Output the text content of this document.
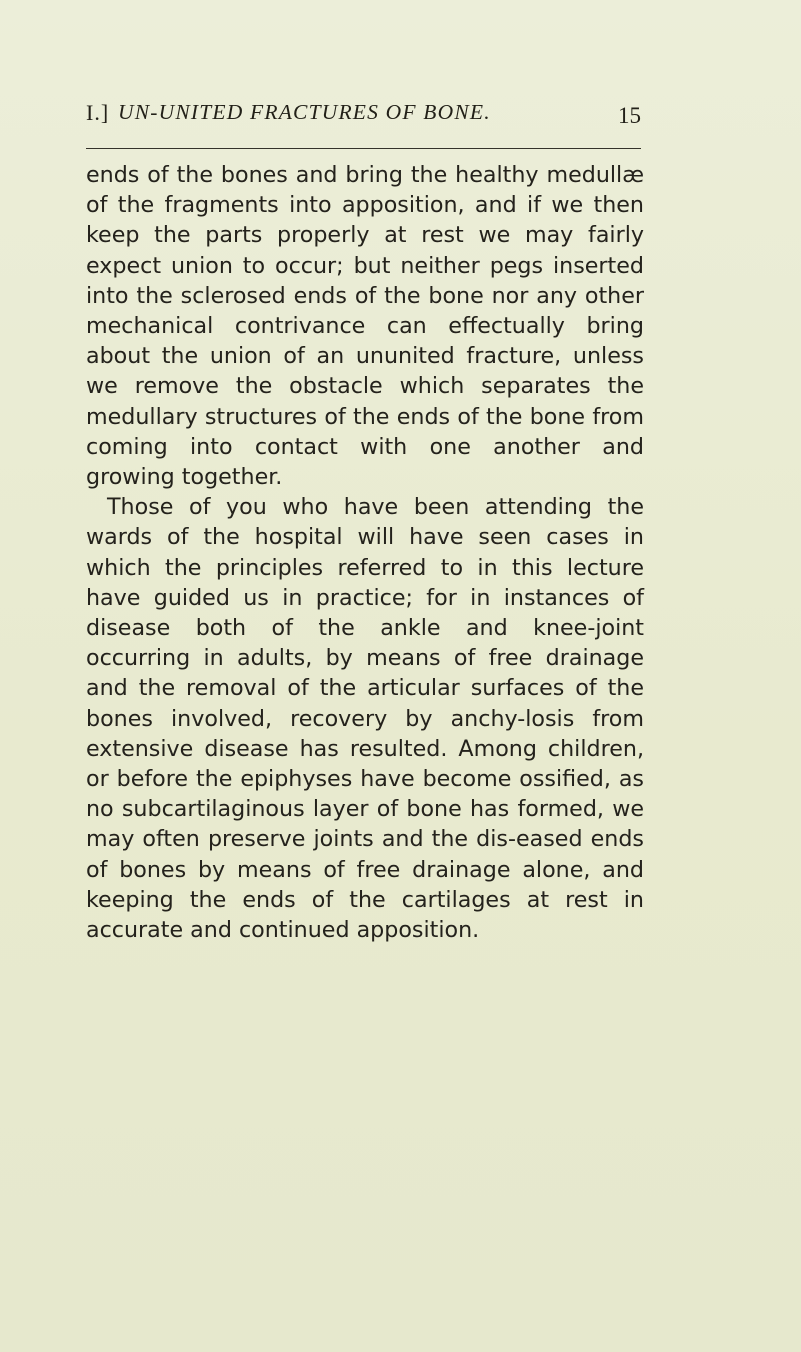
I.] UN-UNITED FRACTURES OF BONE.	15

ends of the bones and bring the healthy medullæ of the fragments into apposition, and if we then keep the parts properly at rest we may fairly expect union to occur; but neither pegs inserted into the sclerosed ends of the bone nor any other mechanical contrivance can effectually bring about the union of an ununited fracture, unless we remove the obstacle which separates the medullary structures of the ends of the bone from coming into contact with one another and growing together.

Those of you who have been attending the wards of the hospital will have seen cases in which the principles referred to in this lecture have guided us in practice; for in instances of disease both of the ankle and knee-joint occurring in adults, by means of free drainage and the removal of the articular surfaces of the bones involved, recovery by anchy-losis from extensive disease has resulted. Among children, or before the epiphyses have become ossified, as no subcartilaginous layer of bone has formed, we may often preserve joints and the dis-eased ends of bones by means of free drainage alone, and keeping the ends of the cartilages at rest in accurate and continued apposition.
